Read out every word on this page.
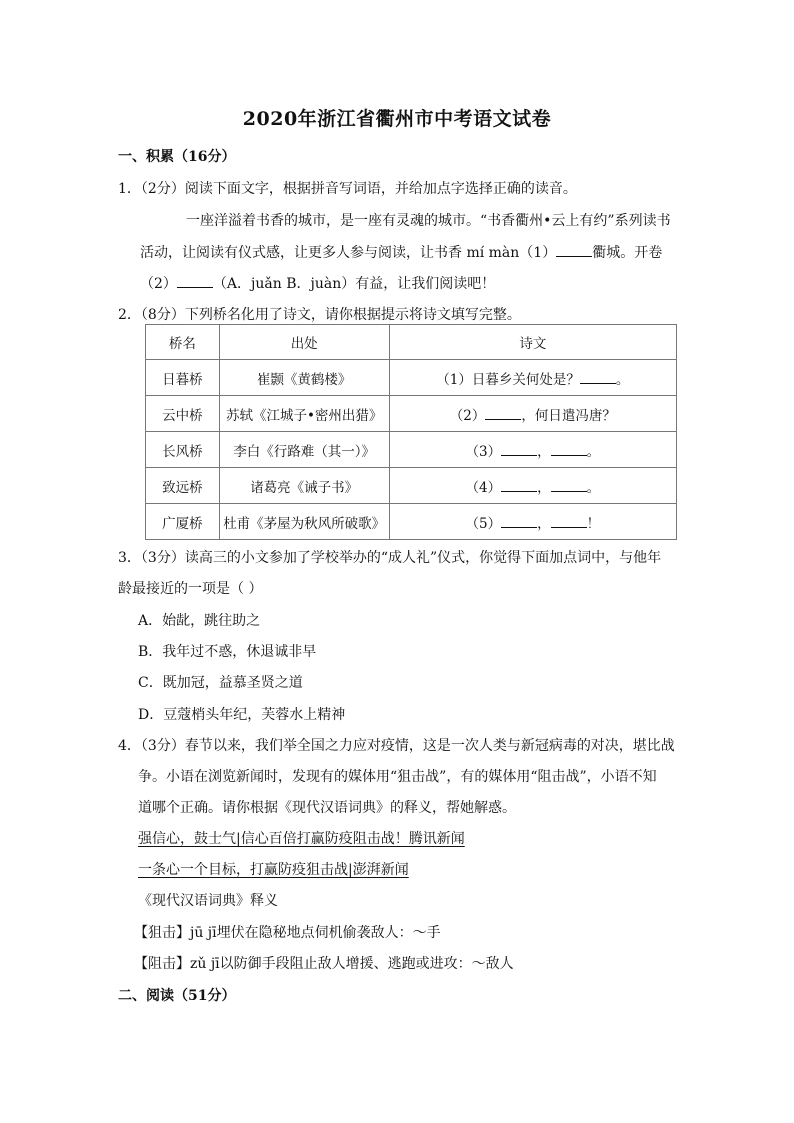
2020年浙江省衢州市中考语文试卷
一、积累（16分）
1．（2分）阅读下面文字，根据拼音写词语，并给加点字选择正确的读音。
一座洋溢着书香的城市，是一座有灵魂的城市。“书香衢州•云上有约”系列读书
活动，让阅读有仪式感，让更多人参与阅读，让书香 mí màn（1）	衢城。开卷
（2）	（A．juǎn B．juàn）有益，让我们阅读吧！
2．（8分）下列桥名化用了诗文，请你根据提示将诗文填写完整。
桥名	出处	诗文
日暮桥	崔颢《黄鹤楼》	（1）日暮乡关何处是？ 。
云中桥	苏轼《江城子•密州出猎》	（2） ，何日遣冯唐？
长风桥	李白《行路难（其一）》	（3） ， 。
致远桥	诸葛亮《诫子书》	（4） ， 。
广厦桥	杜甫《茅屋为秋风所破歌》	（5） ， ！
3．（3分）读高三的小文参加了学校举办的“成人礼”仪式，你觉得下面加点词中，与他年
龄最接近的一项是（ ）
A．始龀，跳往助之
B．我年过不惑，休退诚非早
C．既加冠，益慕圣贤之道
D．豆蔻梢头年纪，芙蓉水上精神
4．（3分）春节以来，我们举全国之力应对疫情，这是一次人类与新冠病毒的对决，堪比战
争。小语在浏览新闻时，发现有的媒体用“狙击战”，有的媒体用“阻击战”，小语不知
道哪个正确。请你根据《现代汉语词典》的释义，帮她解惑。
强信心，鼓士气|信心百倍打赢防疫阻击战！腾讯新闻
一条心一个目标，打赢防疫狙击战|澎湃新闻
《现代汉语词典》释义
【狙击】jū jī埋伏在隐秘地点伺机偷袭敌人：～手
【阻击】zǔ jī以防御手段阻止敌人增援、逃跑或进攻：～敌人
二、阅读（51分）
